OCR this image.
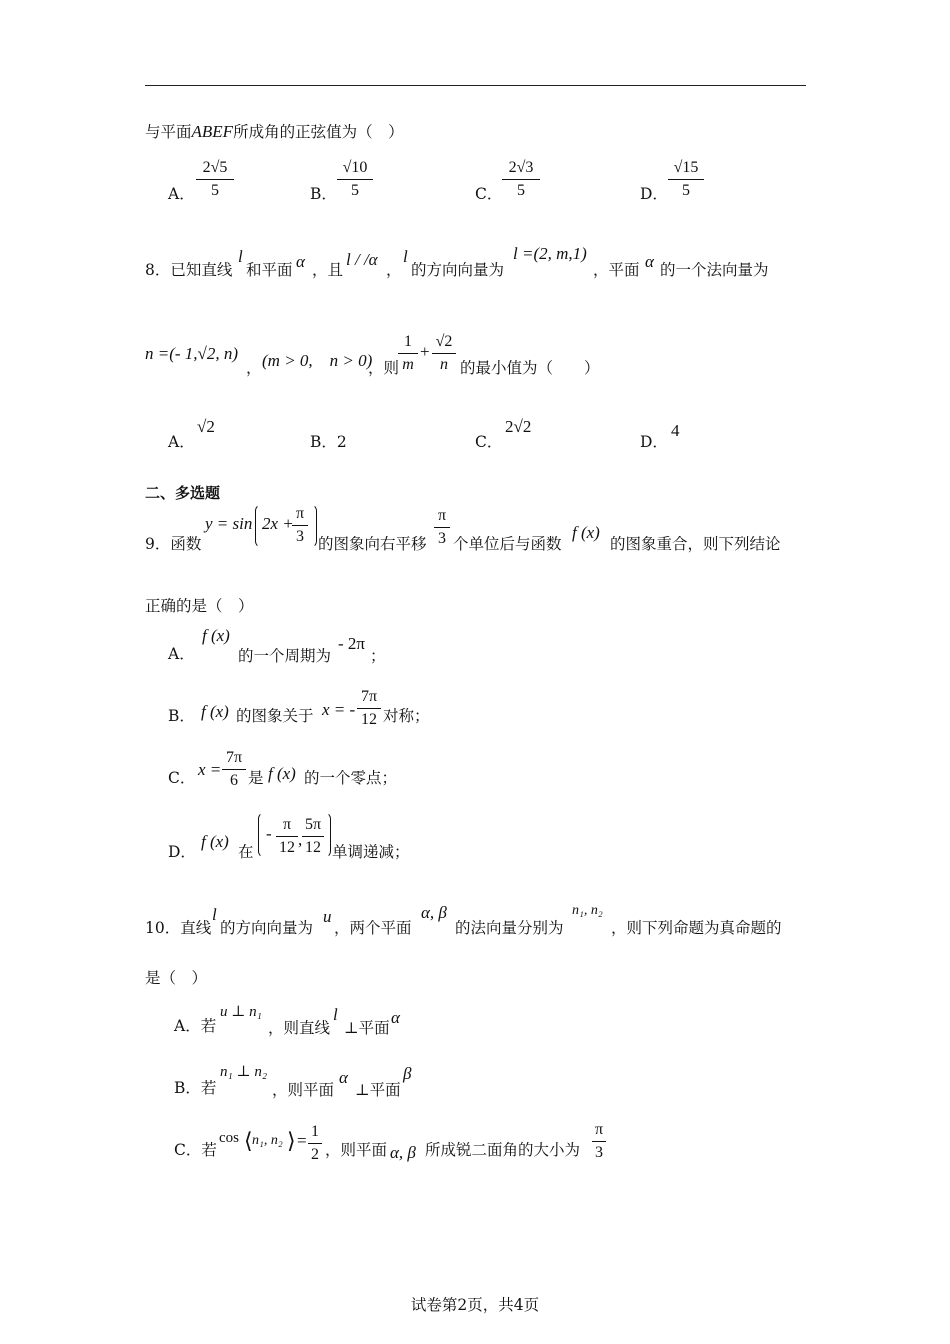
与平面ABEF所成角的正弦值为（　）
A．
2√5
5	B．
√10
5	C．
2√3
5	D．
√15
5
8．已知直线
l
和平面 α ，且
l / /α
，
l
的方向向量为
l =(2, m,1)
，平面 α 的一个法向量为
n =(- 1,√2, n)
， (m > 0,　n > 0)
，则
1
m
+
√2
n 的最小值为（　　）
A．
√2
B．2	C．
2√2
D．
4
二、多选题
9．函数
y = sin 2x +
π
3 的图象向右平移
π
3 个单位后与函数
f (x)
的图象重合，则下列结论
正确的是（　）
A．
f (x)
的一个周期为
- 2π
；
B． f (x) 的图象关于 x = -
7π
12 对称；
C． x =
7π
6 是 f (x) 的一个零点；
D．
f (x)
在
- π
12 ,
5π
12 单调递减；
10．直线
l
的方向向量为
u
，两个平面
α, β
的法向量分别为
n₁, n₂
，则下列命题为真命题的
是（　）
A．若
u ⊥ n₁
，则直线
l
⊥平面
α
B．若
n₁ ⊥ n₂
，则平面
α
⊥平面
β
C．若
cos ⟨ n₁, n₂ ⟩ = 1
2 ，则平面 α, β 所成锐二面角的大小为
π
3
试卷第2页，共4页
